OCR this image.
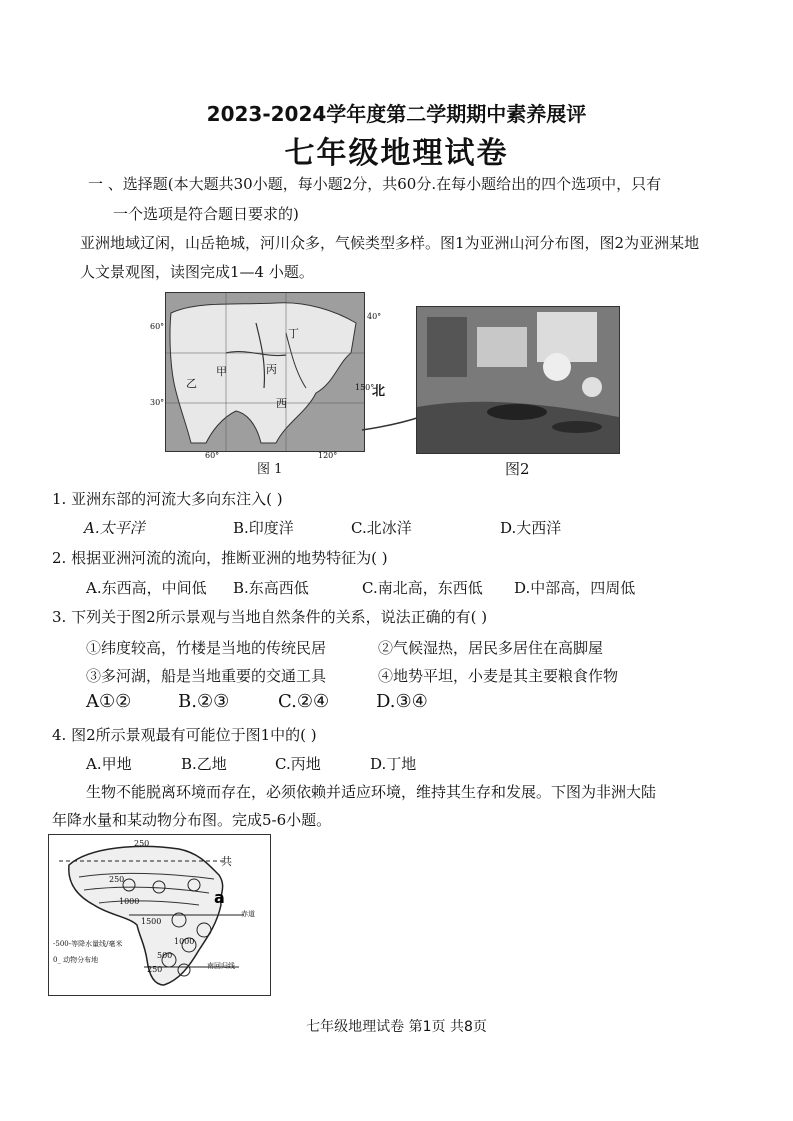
2023-2024学年度第二学期期中素养展评
七年级地理试卷
一 、选择题(本大题共30小题，每小题2分，共60分.在每小题给出的四个选项中，只有
一个选项是符合题日要求的)
亚洲地域辽闲，山岳艳城，河川众多，气候类型多样。图1为亚洲山河分布图，图2为亚洲某地
人文景观图，读图完成1—4 小题。
丁
丙
乙
甲
西
60°
40°
30°
150°
60°	120°
北
图 1	图2
1. 亚洲东部的河流大多向东注入( )
A.太平洋	B.印度洋	C.北冰洋	D.大西洋
2. 根据亚洲河流的流向，推断亚洲的地势特征为( )
A.东西高，中间低 B.东高西低	C.南北高，东西低 D.中部高，四周低
3. 下列关于图2所示景观与当地自然条件的关系，说法正确的有( )
①纬度较高，竹楼是当地的传统民居	②气候湿热，居民多居住在高脚屋
③多河湖，船是当地重要的交通工具	④地势平坦，小麦是其主要粮食作物
A①②	B.②③	C.②④	D.③④
4. 图2所示景观最有可能位于图1中的( )
A.甲地	B.乙地	C.丙地	D.丁地
生物不能脱离环境而存在，必须依赖并适应环境，维持其生存和发展。下图为非洲大陆
年降水量和某动物分布图。完成5-6小题。
a
250
250
1000
1500
1000
500
250
赤道
南回归线
共
-500-等降水量线/毫米
0_ 动物分布地
七年级地理试卷 第1页 共8页
